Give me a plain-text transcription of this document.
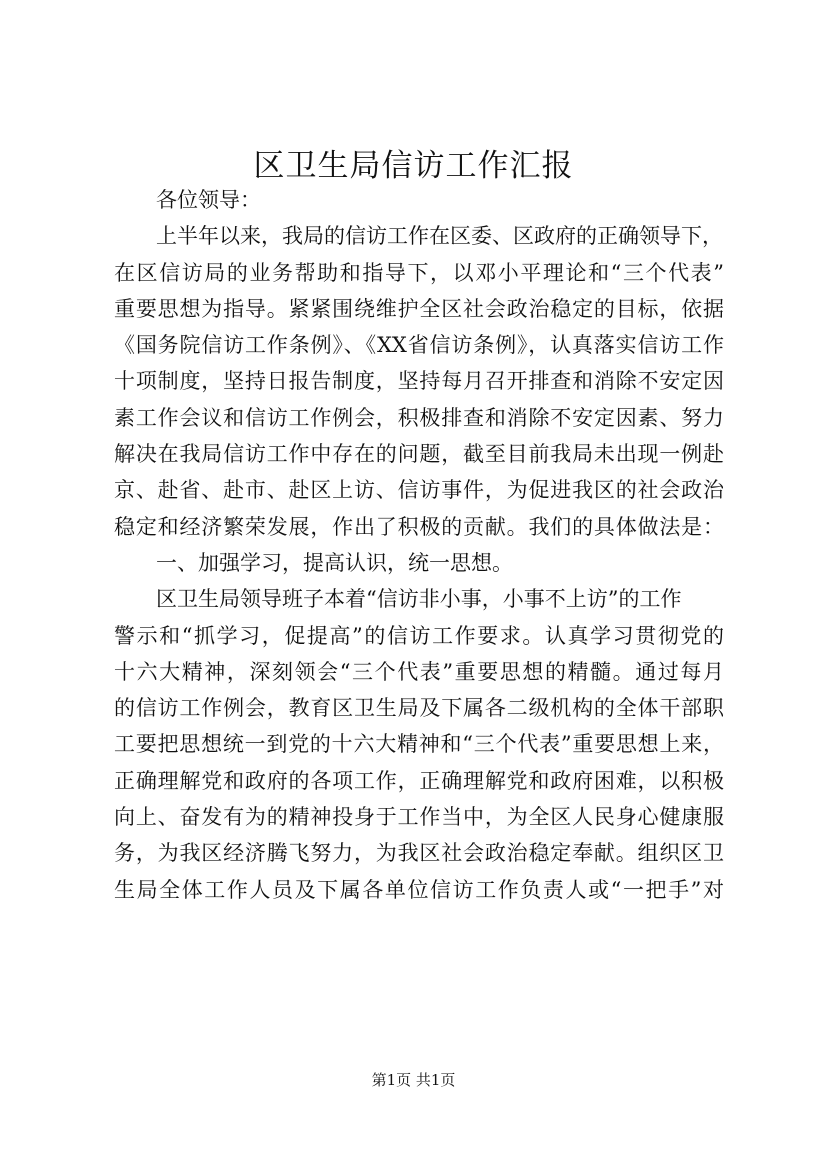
区卫生局信访工作汇报
各位领导：
上半年以来，我局的信访工作在区委、区政府的正确领导下，
在区信访局的业务帮助和指导下，以邓小平理论和“三个代表”
重要思想为指导。紧紧围绕维护全区社会政治稳定的目标，依据
《国务院信访工作条例》、《XX省信访条例》，认真落实信访工作
十项制度，坚持日报告制度，坚持每月召开排查和消除不安定因
素工作会议和信访工作例会，积极排查和消除不安定因素、努力
解决在我局信访工作中存在的问题，截至目前我局未出现一例赴
京、赴省、赴市、赴区上访、信访事件，为促进我区的社会政治
稳定和经济繁荣发展，作出了积极的贡献。我们的具体做法是：
一、加强学习，提高认识，统一思想。
区卫生局领导班子本着“信访非小事，小事不上访”的工作
警示和“抓学习，促提高”的信访工作要求。认真学习贯彻党的
十六大精神，深刻领会“三个代表”重要思想的精髓。通过每月
的信访工作例会，教育区卫生局及下属各二级机构的全体干部职
工要把思想统一到党的十六大精神和“三个代表”重要思想上来，
正确理解党和政府的各项工作，正确理解党和政府困难，以积极
向上、奋发有为的精神投身于工作当中，为全区人民身心健康服
务，为我区经济腾飞努力，为我区社会政治稳定奉献。组织区卫
生局全体工作人员及下属各单位信访工作负责人或“一把手”对
第1页 共1页
